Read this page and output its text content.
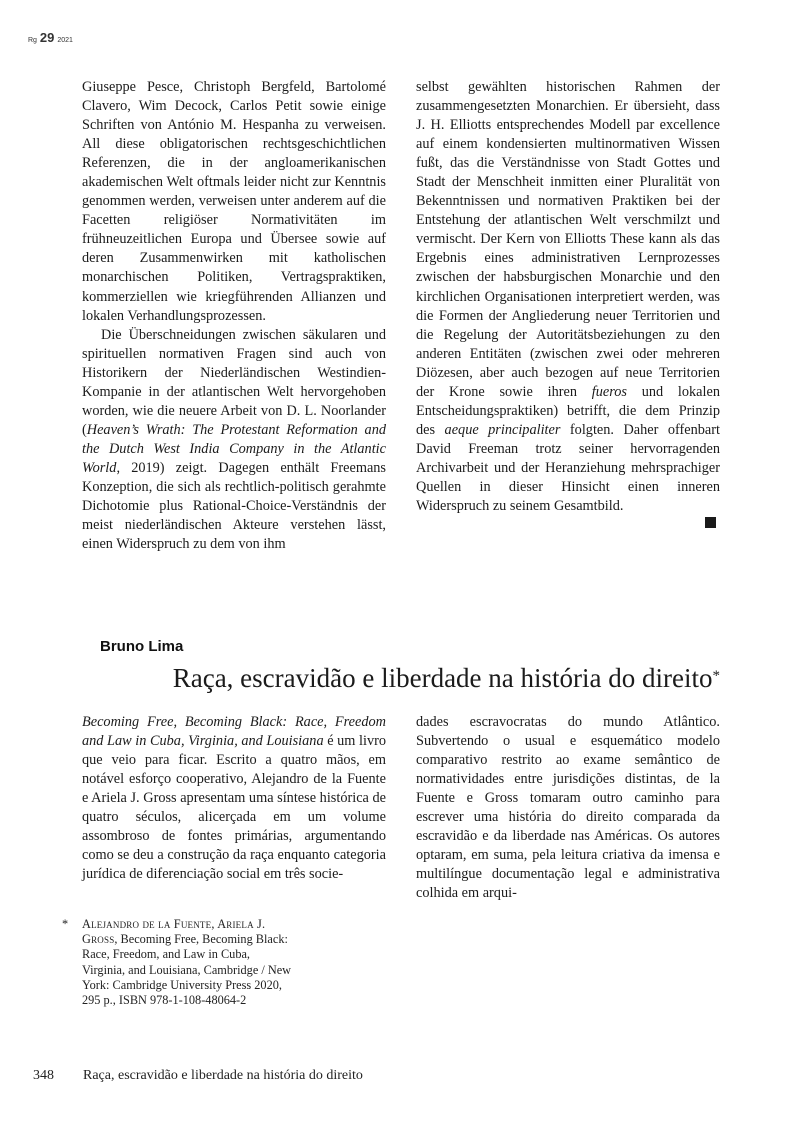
Rg 29 2021

Giuseppe Pesce, Christoph Bergfeld, Bartolomé Clavero, Wim Decock, Carlos Petit sowie einige Schriften von António M. Hespanha zu verweisen. All diese obligatorischen rechtsgeschichtlichen Referenzen, die in der angloamerikanischen akademischen Welt oftmals leider nicht zur Kenntnis genommen werden, verweisen unter anderem auf die Facetten religiöser Normativitäten im frühneuzeitlichen Europa und Übersee sowie auf deren Zusammenwirken mit katholischen monarchischen Politiken, Vertragspraktiken, kommerziellen wie kriegführenden Allianzen und lokalen Verhandlungsprozessen.

Die Überschneidungen zwischen säkularen und spirituellen normativen Fragen sind auch von Historikern der Niederländischen Westindien-Kompanie in der atlantischen Welt hervorgehoben worden, wie die neuere Arbeit von D. L. Noorlander (Heaven’s Wrath: The Protestant Reformation and the Dutch West India Company in the Atlantic World, 2019) zeigt. Dagegen enthält Freemans Konzeption, die sich als rechtlich-politisch gerahmte Dichotomie plus Rational-Choice-Verständnis der meist niederländischen Akteure verstehen lässt, einen Widerspruch zu dem von ihm

selbst gewählten historischen Rahmen der zusammengesetzten Monarchien. Er übersieht, dass J. H. Elliotts entsprechendes Modell par excellence auf einem kondensierten multinormativen Wissen fußt, das die Verständnisse von Stadt Gottes und Stadt der Menschheit inmitten einer Pluralität von Bekenntnissen und normativen Praktiken bei der Entstehung der atlantischen Welt verschmilzt und vermischt. Der Kern von Elliotts These kann als das Ergebnis eines administrativen Lernprozesses zwischen der habsburgischen Monarchie und den kirchlichen Organisationen interpretiert werden, was die Formen der Angliederung neuer Territorien und die Regelung der Autoritätsbeziehungen zu den anderen Entitäten (zwischen zwei oder mehreren Diözesen, aber auch bezogen auf neue Territorien der Krone sowie ihren fueros und lokalen Entscheidungspraktiken) betrifft, die dem Prinzip des aeque principaliter folgten. Daher offenbart David Freeman trotz seiner hervorragenden Archivarbeit und der Heranziehung mehrsprachiger Quellen in dieser Hinsicht einen inneren Widerspruch zu seinem Gesamtbild.

Bruno Lima
Raça, escravidão e liberdade na história do direito*

Becoming Free, Becoming Black: Race, Freedom and Law in Cuba, Virginia, and Louisiana é um livro que veio para ficar. Escrito a quatro mãos, em notável esforço cooperativo, Alejandro de la Fuente e Ariela J. Gross apresentam uma síntese histórica de quatro séculos, alicerçada em um volume assombroso de fontes primárias, argumentando como se deu a construção da raça enquanto categoria jurídica de diferenciação social em três socie-

dades escravocratas do mundo Atlântico. Subvertendo o usual e esquemático modelo comparativo restrito ao exame semântico de normatividades entre jurisdições distintas, de la Fuente e Gross tomaram outro caminho para escrever uma história do direito comparada da escravidão e da liberdade nas Américas. Os autores optaram, em suma, pela leitura criativa da imensa e multilíngue documentação legal e administrativa colhida em arqui-

* Alejandro de la Fuente, Ariela J. Gross, Becoming Free, Becoming Black: Race, Freedom, and Law in Cuba, Virginia, and Louisiana, Cambridge / New York: Cambridge University Press 2020, 295 p., ISBN 978-1-108-48064-2
348 Raça, escravidão e liberdade na história do direito
